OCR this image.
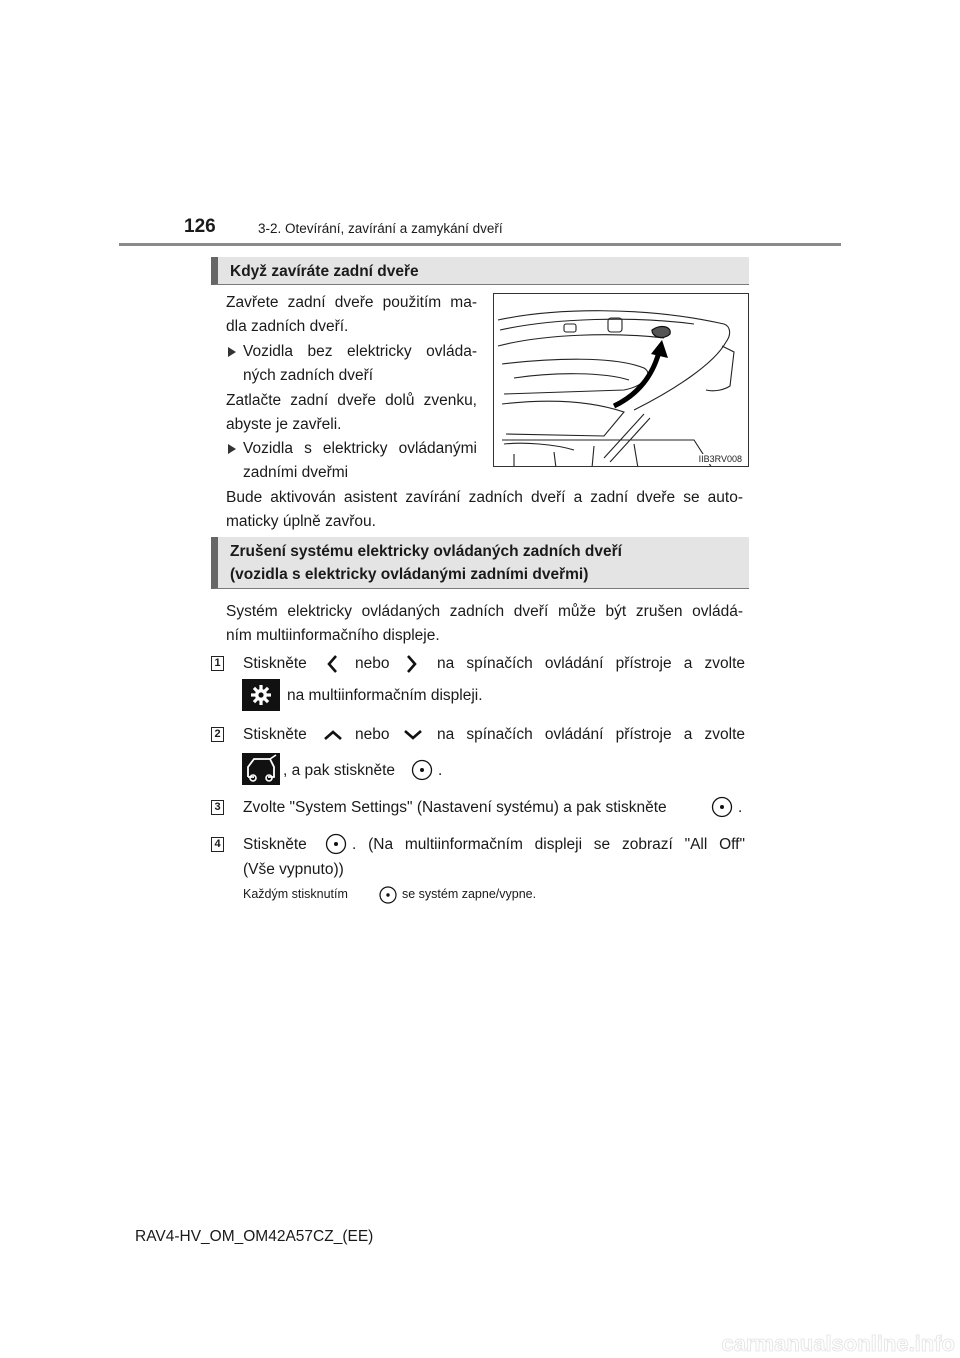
126	3-2. Otevírání, zavírání a zamykání dveří
Když zavíráte zadní dveře
Zavřete zadní dveře použitím ma-
dla zadních dveří.
Vozidla bez elektricky ovláda-
ných zadních dveří
Zatlačte zadní dveře dolů zvenku,
abyste je zavřeli.
Vozidla s elektricky ovládanými
zadními dveřmi
Bude aktivován asistent zavírání zadních dveří a zadní dveře se auto-
maticky úplně zavřou.
IIB3RV008
Zrušení systému elektricky ovládaných zadních dveří
(vozidla s elektricky ovládanými zadními dveřmi)
Systém elektricky ovládaných zadních dveří může být zrušen ovládá-
ním multiinformačního displeje.
1 Stiskněte	nebo	na spínačích ovládání přístroje a zvolte
na multiinformačním displeji.
2 Stiskněte	nebo	na spínačích ovládání přístroje a zvolte
, a pak stiskněte	.
3 Zvolte "System Settings" (Nastavení systému) a pak stiskněte	.
4 Stiskněte	. (Na multiinformačním displeji se zobrazí "All Off"
(Vše vypnuto))
Každým stisknutím	se systém zapne/vypne.
RAV4-HV_OM_OM42A57CZ_(EE)
carmanualsonline.info
